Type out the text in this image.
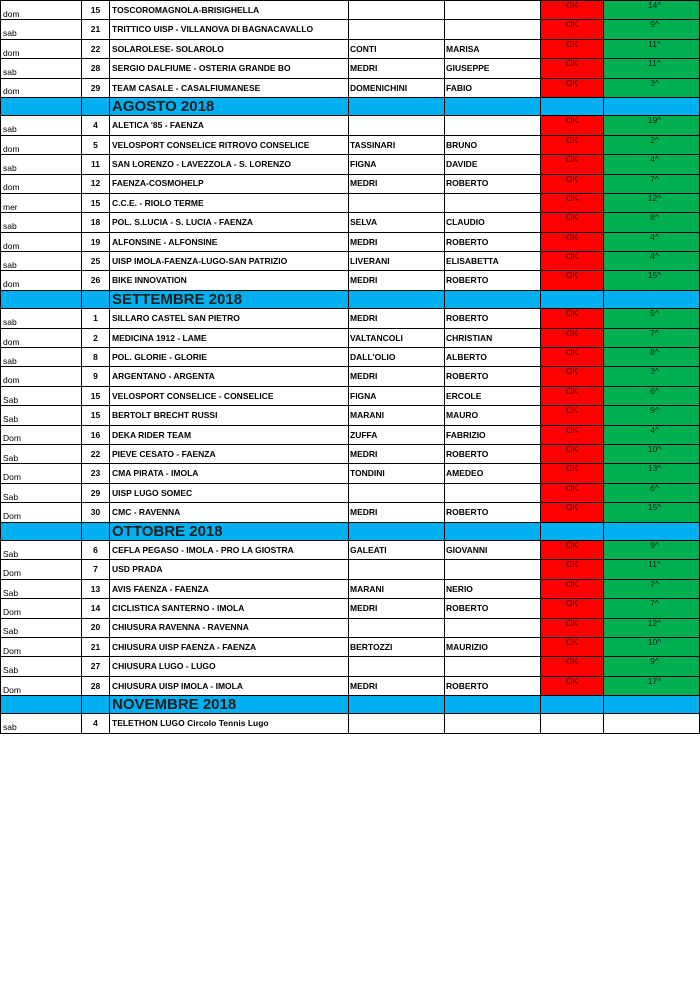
dom	15	TOSCOROMAGNOLA-BRISIGHELLA			OK	14^
sab	21	TRITTICO UISP - VILLANOVA DI BAGNACAVALLO			OK	9^
dom	22	SOLAROLESE- SOLAROLO	CONTI	MARISA	OK	11^
sab	28	SERGIO DALFIUME - OSTERIA GRANDE BO	MEDRI	GIUSEPPE	OK	11^
dom	29	TEAM CASALE - CASALFIUMANESE	DOMENICHINI	FABIO	OK	3^
		AGOSTO 2018				
sab	4	ALETICA '85 - FAENZA			OK	19^
dom	5	VELOSPORT CONSELICE RITROVO CONSELICE	TASSINARI	BRUNO	OK	2^
sab	11	SAN LORENZO - LAVEZZOLA - S. LORENZO	FIGNA	DAVIDE	OK	4^
dom	12	FAENZA-COSMOHELP	MEDRI	ROBERTO	OK	7^
mer	15	C.C.E. - RIOLO TERME			OK	12^
sab	18	POL. S.LUCIA - S. LUCIA - FAENZA	SELVA	CLAUDIO	OK	8^
dom	19	ALFONSINE - ALFONSINE	MEDRI	ROBERTO	OK	4^
sab	25	UISP IMOLA-FAENZA-LUGO-SAN PATRIZIO	LIVERANI	ELISABETTA	OK	4^
dom	26	BIKE INNOVATION	MEDRI	ROBERTO	OK	15^
		SETTEMBRE 2018				
sab	1	SILLARO CASTEL SAN PIETRO	MEDRI	ROBERTO	OK	5^
dom	2	MEDICINA 1912 - LAME	VALTANCOLI	CHRISTIAN	OK	7^
sab	8	POL. GLORIE - GLORIE	DALL'OLIO	ALBERTO	OK	8^
dom	9	ARGENTANO - ARGENTA	MEDRI	ROBERTO	OK	3^
Sab	15	VELOSPORT CONSELICE - CONSELICE	FIGNA	ERCOLE	OK	6^
Sab	15	BERTOLT BRECHT RUSSI	MARANI	MAURO	OK	9^
Dom	16	DEKA RIDER TEAM	ZUFFA	FABRIZIO	OK	4^
Sab	22	PIEVE CESATO - FAENZA	MEDRI	ROBERTO	OK	10^
Dom	23	CMA PIRATA - IMOLA	TONDINI	AMEDEO	OK	13^
Sab	29	UISP LUGO SOMEC			OK	6^
Dom	30	CMC - RAVENNA	MEDRI	ROBERTO	OK	15^
		OTTOBRE 2018				
Sab	6	CEFLA PEGASO - IMOLA - PRO LA GIOSTRA	GALEATI	GIOVANNI	OK	9^
Dom	7	USD PRADA			OK	11^
Sab	13	AVIS FAENZA - FAENZA	MARANI	NERIO	OK	7^
Dom	14	CICLISTICA SANTERNO - IMOLA	MEDRI	ROBERTO	OK	7^
Sab	20	CHIUSURA RAVENNA - RAVENNA			OK	12^
Dom	21	CHIUSURA UISP FAENZA - FAENZA	BERTOZZI	MAURIZIO	OK	10^
Sab	27	CHIUSURA LUGO - LUGO			OK	9^
Dom	28	CHIUSURA UISP IMOLA - IMOLA	MEDRI	ROBERTO	OK	17^
		NOVEMBRE 2018				
sab	4	TELETHON LUGO Circolo Tennis Lugo				
